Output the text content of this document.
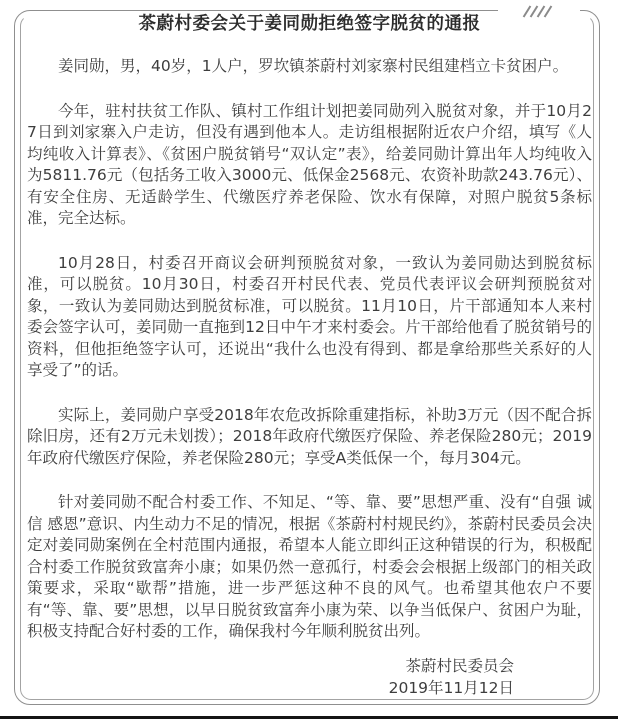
茶蔚村委会关于姜同勋拒绝签字脱贫的通报

姜同勋，男，40岁，1人户，罗坎镇茶蔚村刘家寨村民组建档立卡贫困户。

今年，驻村扶贫工作队、镇村工作组计划把姜同勋列入脱贫对象，并于10月27日到刘家寨入户走访，但没有遇到他本人。走访组根据附近农户介绍，填写《人均纯收入计算表》、《贫困户脱贫销号“双认定”表》，给姜同勋计算出年人均纯收入为5811.76元（包括务工收入3000元、低保金2568元、农资补助款243.76元）、有安全住房、无适龄学生、代缴医疗养老保险、饮水有保障，对照户脱贫5条标准，完全达标。

10月28日，村委召开商议会研判预脱贫对象，一致认为姜同勋达到脱贫标准，可以脱贫。10月30日，村委召开村民代表、党员代表评议会研判预脱贫对象，一致认为姜同勋达到脱贫标准，可以脱贫。11月10日，片干部通知本人来村委会签字认可，姜同勋一直拖到12日中午才来村委会。片干部给他看了脱贫销号的资料，但他拒绝签字认可，还说出“我什么也没有得到、都是拿给那些关系好的人享受了”的话。

实际上，姜同勋户享受2018年农危改拆除重建指标，补助3万元（因不配合拆除旧房，还有2万元未划拨）；2018年政府代缴医疗保险、养老保险280元；2019年政府代缴医疗保险，养老保险280元；享受A类低保一个，每月304元。

针对姜同勋不配合村委工作、不知足、“等、靠、要”思想严重、没有“自强 诚信 感恩”意识、内生动力不足的情况，根据《茶蔚村村规民约》，茶蔚村民委员会决定对姜同勋案例在全村范围内通报，希望本人能立即纠正这种错误的行为，积极配合村委工作脱贫致富奔小康；如果仍然一意孤行，村委会会根据上级部门的相关政策要求，采取“歇帮”措施，进一步严惩这种不良的风气。也希望其他农户不要有“等、靠、要”思想，以早日脱贫致富奔小康为荣、以争当低保户、贫困户为耻，积极支持配合好村委的工作，确保我村今年顺利脱贫出列。

茶蔚村民委员会
2019年11月12日
